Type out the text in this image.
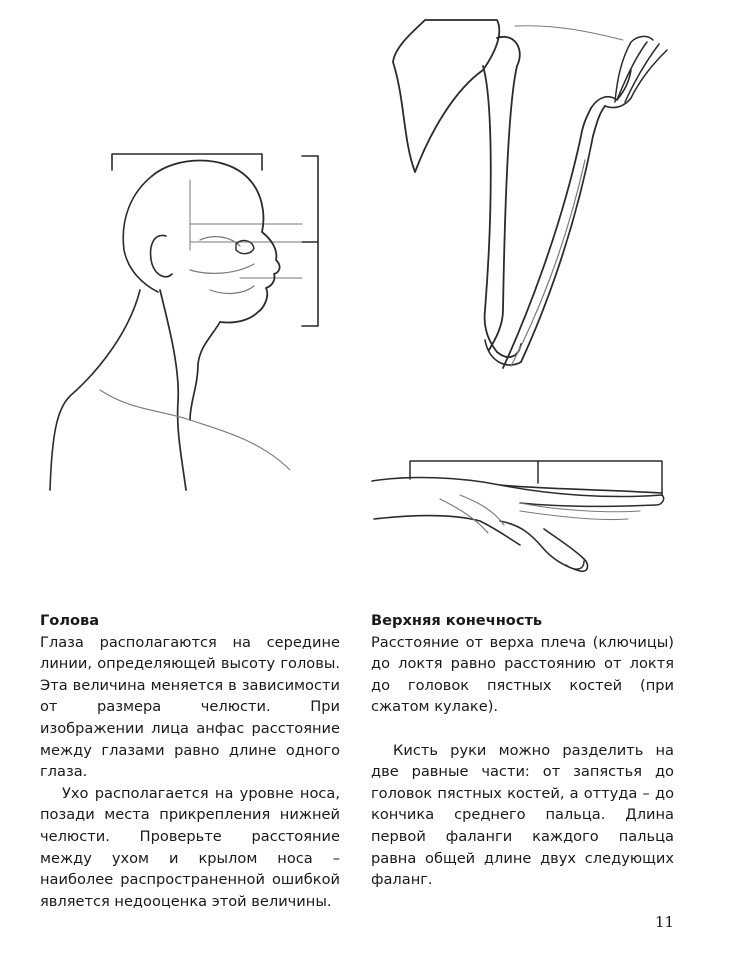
Голова

Глаза располагаются на середине линии, определяющей высоту головы. Эта величина меняется в зависимости от размера челюсти. При изображении лица анфас расстояние между глазами равно длине одного глаза.

Ухо располагается на уровне носа, позади места прикрепления нижней челюсти. Проверьте расстояние между ухом и крылом носа – наиболее распространенной ошибкой является недооценка этой величины.

Верхняя конечность

Расстояние от верха плеча (ключицы) до локтя равно расстоянию от локтя до головок пястных костей (при сжатом кулаке).

Кисть руки можно разделить на две равные части: от запястья до головок пястных костей, а оттуда – до кончика среднего пальца. Длина первой фаланги каждого пальца равна общей длине двух следующих фаланг.

11
